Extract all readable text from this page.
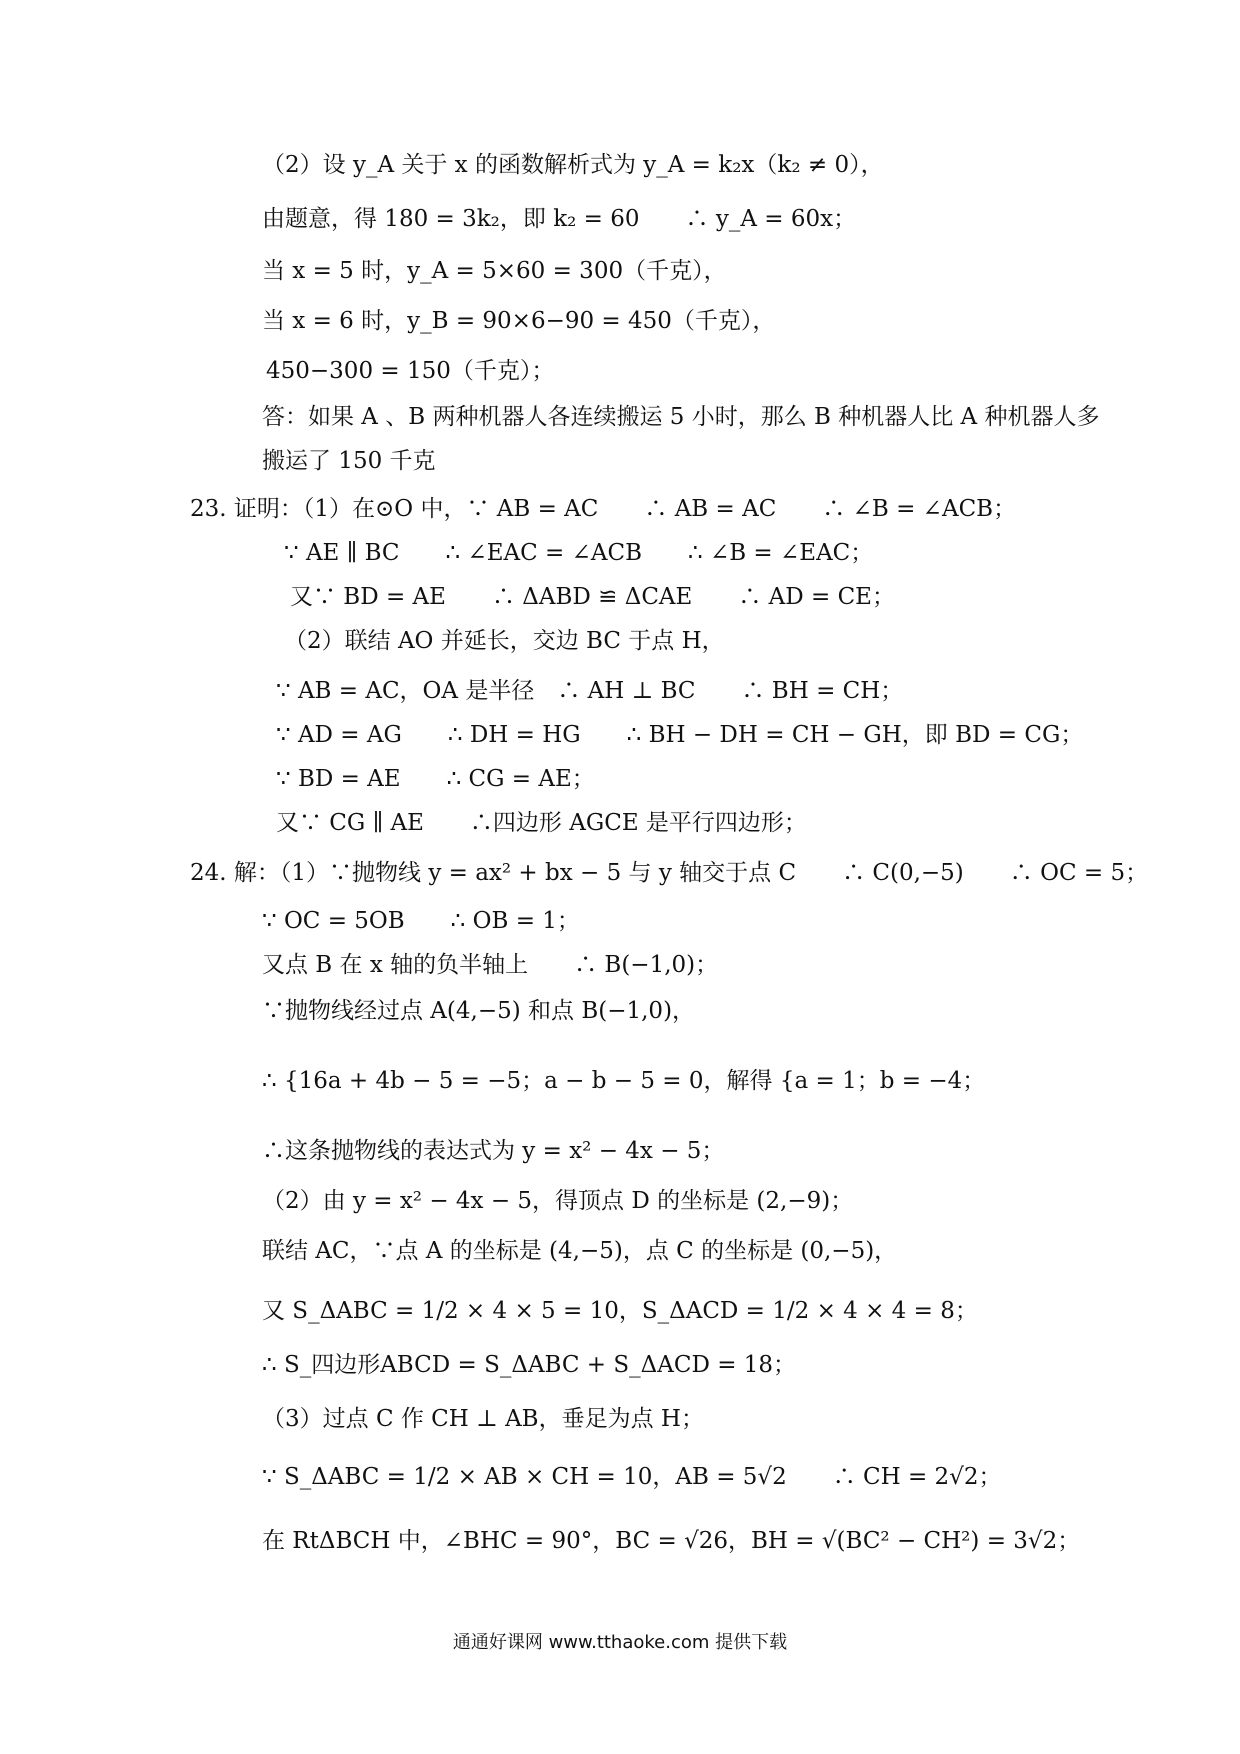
（2）设 y_A 关于 x 的函数解析式为 y_A = k₂x（k₂ ≠ 0），
由题意，得 180 = 3k₂，即 k₂ = 60　　∴ y_A = 60x；
当 x = 5 时，y_A = 5×60 = 300（千克），
当 x = 6 时，y_B = 90×6−90 = 450（千克），
450−300 = 150（千克）；
答：如果 A 、B 两种机器人各连续搬运 5 小时，那么 B 种机器人比 A 种机器人多
搬运了 150 千克
23. 证明：（1）在⊙O 中，∵ AB = AC　　∴ AB = AC　　∴ ∠B = ∠ACB；
∵ AE ∥ BC　　∴ ∠EAC = ∠ACB　　∴ ∠B = ∠EAC；
又∵ BD = AE　　∴ ΔABD ≌ ΔCAE　　∴ AD = CE；
（2）联结 AO 并延长，交边 BC 于点 H，
∵ AB = AC，OA 是半径　∴ AH ⊥ BC　　∴ BH = CH；
∵ AD = AG　　∴ DH = HG　　∴ BH − DH = CH − GH，即 BD = CG；
∵ BD = AE　　∴ CG = AE；
又∵ CG ∥ AE　　∴四边形 AGCE 是平行四边形；
24. 解：（1）∵抛物线 y = ax² + bx − 5 与 y 轴交于点 C　　∴ C(0,−5)　　∴ OC = 5；
∵ OC = 5OB　　∴ OB = 1；
又点 B 在 x 轴的负半轴上　　∴ B(−1,0)；
∵抛物线经过点 A(4,−5) 和点 B(−1,0)，
∴ {16a + 4b − 5 = −5；a − b − 5 = 0，解得 {a = 1；b = −4；
∴这条抛物线的表达式为 y = x² − 4x − 5；
（2）由 y = x² − 4x − 5，得顶点 D 的坐标是 (2,−9)；
联结 AC，∵点 A 的坐标是 (4,−5)，点 C 的坐标是 (0,−5)，
又 S_ΔABC = 1/2 × 4 × 5 = 10，S_ΔACD = 1/2 × 4 × 4 = 8；
∴ S_四边形ABCD = S_ΔABC + S_ΔACD = 18；
（3）过点 C 作 CH ⊥ AB，垂足为点 H；
∵ S_ΔABC = 1/2 × AB × CH = 10，AB = 5√2　　∴ CH = 2√2；
在 RtΔBCH 中，∠BHC = 90°，BC = √26，BH = √(BC² − CH²) = 3√2；
通通好课网 www.tthaoke.com 提供下载
